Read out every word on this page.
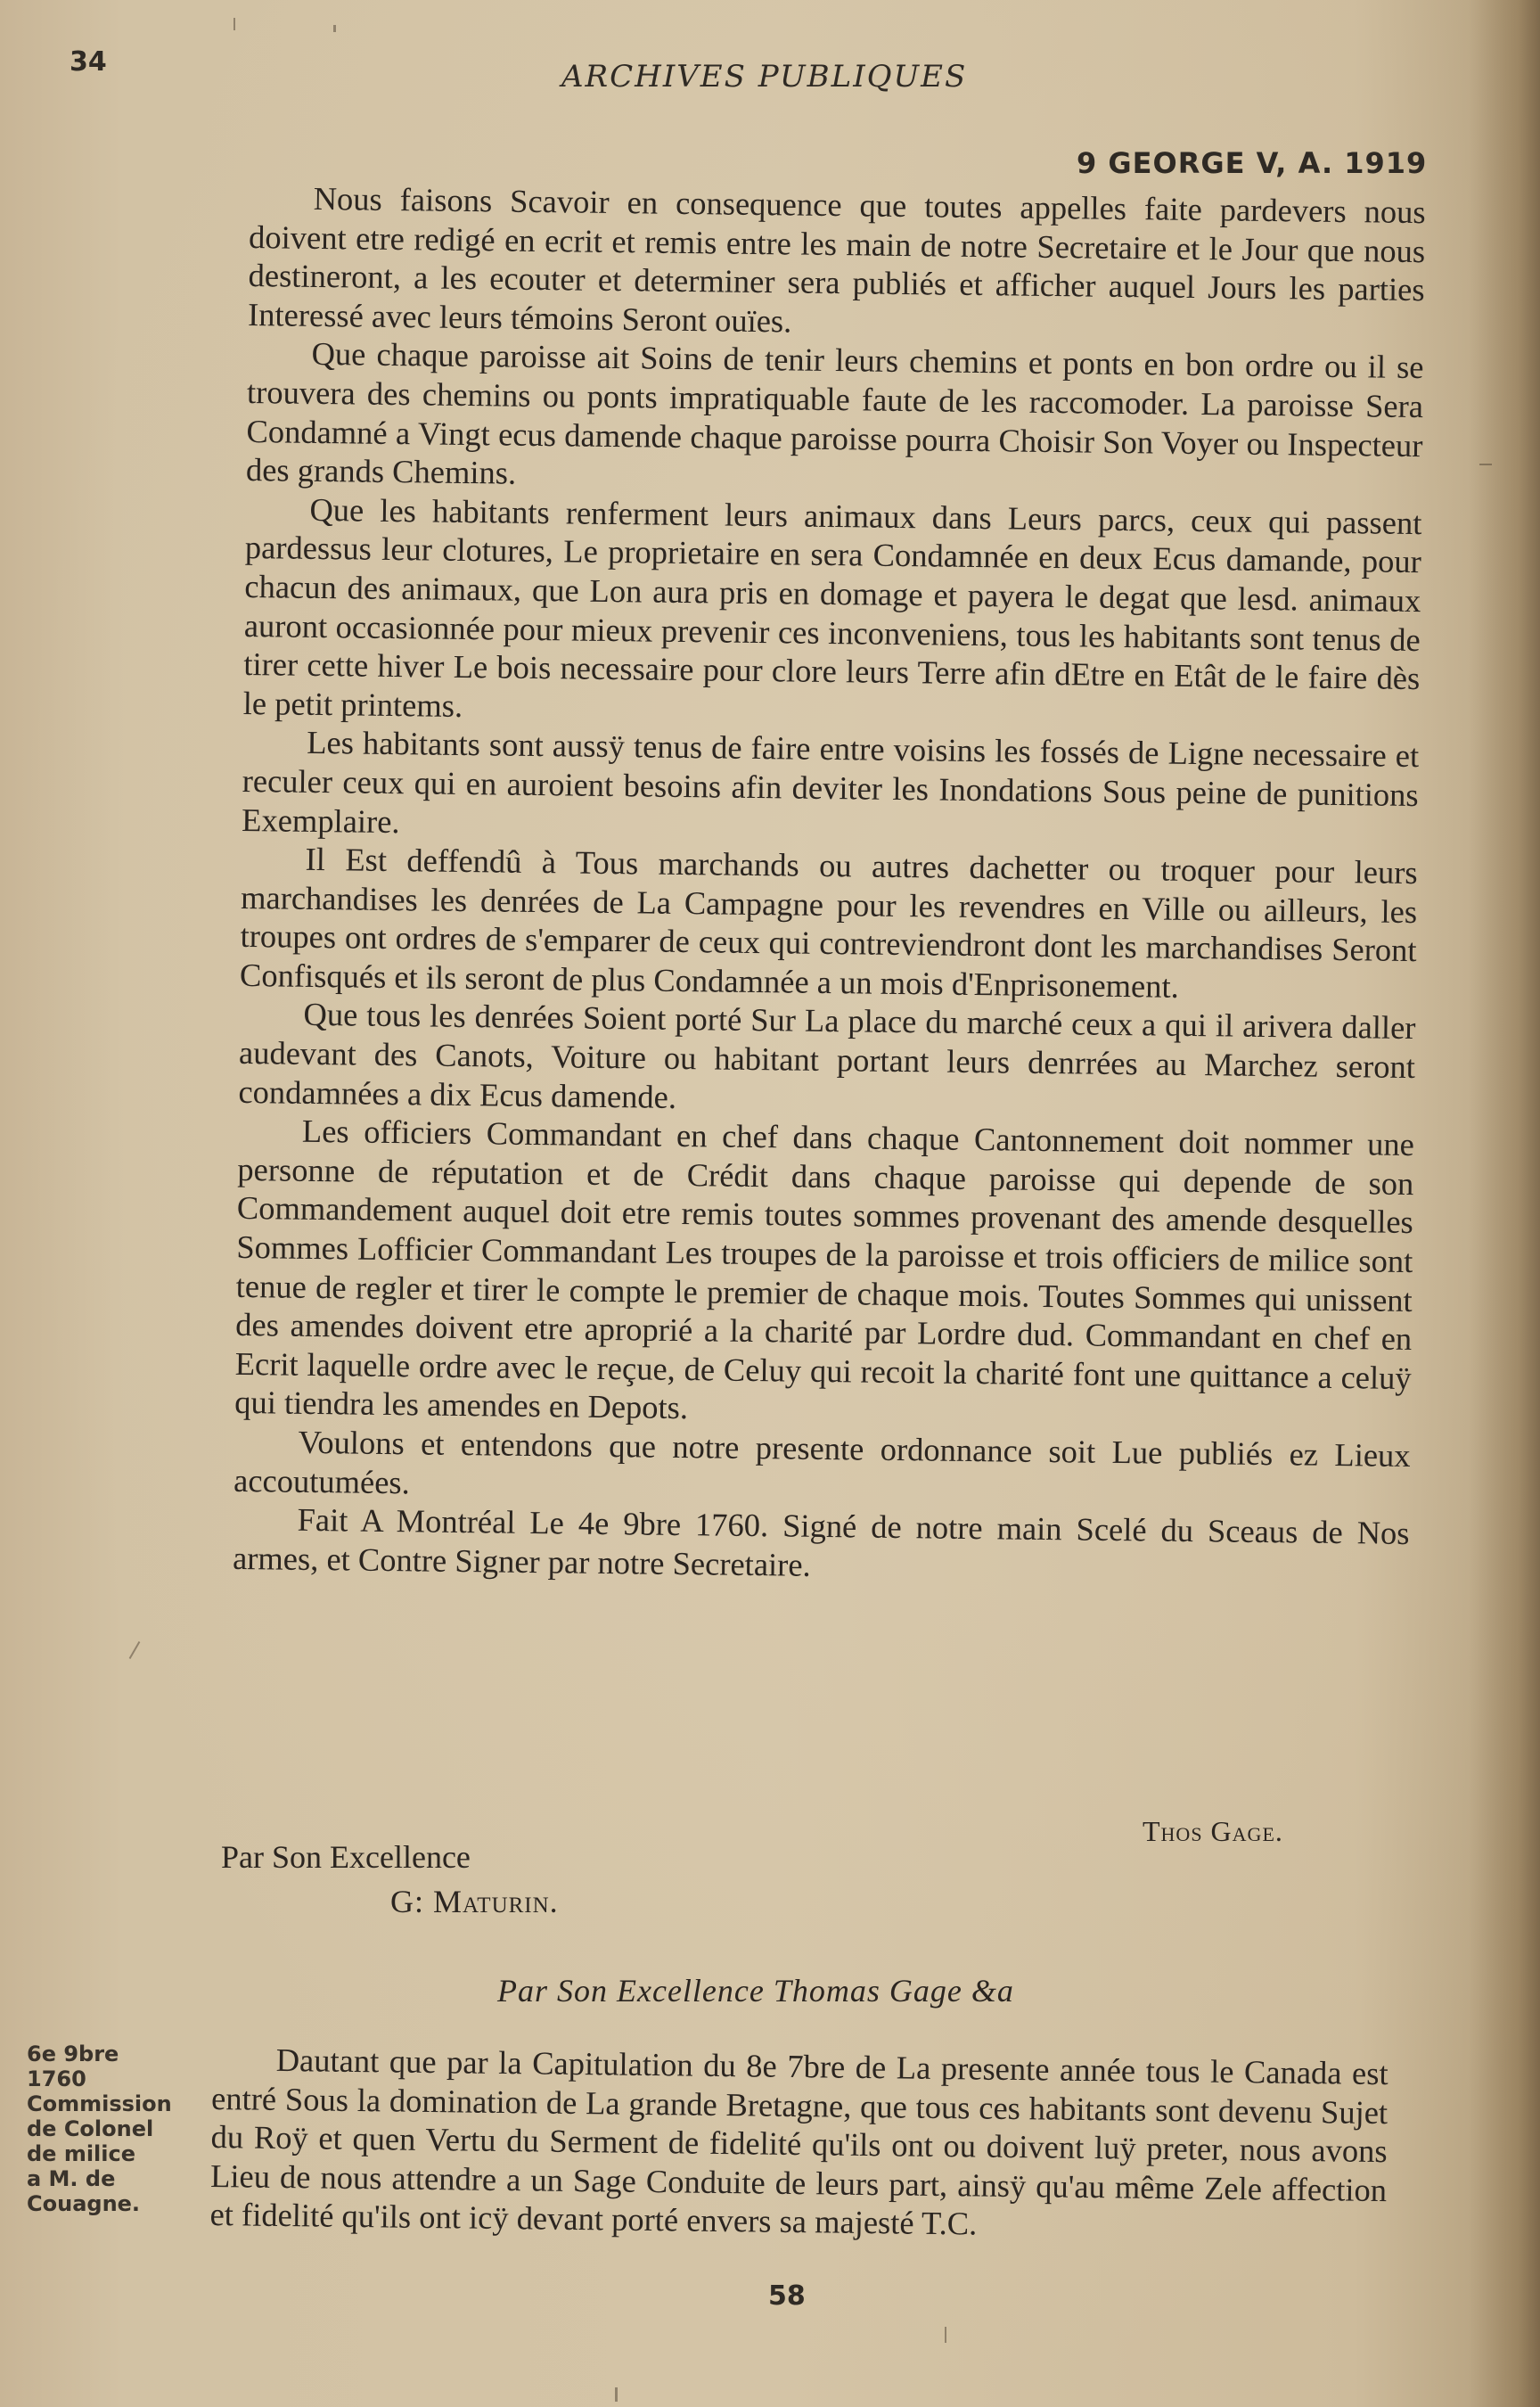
34	ARCHIVES PUBLIQUES
9 GEORGE V, A. 1919

Nous faisons Scavoir en consequence que toutes appelles faite pardevers nous doivent etre redigé en ecrit et remis entre les main de notre Secretaire et le Jour que nous destineront, a les ecouter et determiner sera publiés et afficher auquel Jours les parties Interessé avec leurs témoins Seront ouïes.

Que chaque paroisse ait Soins de tenir leurs chemins et ponts en bon ordre ou il se trouvera des chemins ou ponts impratiquable faute de les raccomoder. La paroisse Sera Condamné a Vingt ecus damende chaque paroisse pourra Choisir Son Voyer ou Inspecteur des grands Chemins.

Que les habitants renferment leurs animaux dans Leurs parcs, ceux qui passent pardessus leur clotures, Le proprietaire en sera Condamnée en deux Ecus damande, pour chacun des animaux, que Lon aura pris en domage et payera le degat que lesd. animaux auront occasionnée pour mieux prevenir ces inconveniens, tous les habitants sont tenus de tirer cette hiver Le bois necessaire pour clore leurs Terre afin dEtre en Etât de le faire dès le petit printems.

Les habitants sont aussÿ tenus de faire entre voisins les fossés de Ligne necessaire et reculer ceux qui en auroient besoins afin deviter les Inondations Sous peine de punitions Exemplaire.

Il Est deffendû à Tous marchands ou autres dachetter ou troquer pour leurs marchandises les denrées de La Campagne pour les revendres en Ville ou ailleurs, les troupes ont ordres de s'emparer de ceux qui contreviendront dont les marchandises Seront Confisqués et ils seront de plus Condamnée a un mois d'Enprisonement.

Que tous les denrées Soient porté Sur La place du marché ceux a qui il arivera daller audevant des Canots, Voiture ou habitant portant leurs denrrées au Marchez seront condamnées a dix Ecus damende.

Les officiers Commandant en chef dans chaque Cantonnement doit nommer une personne de réputation et de Crédit dans chaque paroisse qui depende de son Commandement auquel doit etre remis toutes sommes provenant des amende desquelles Sommes Lofficier Commandant Les troupes de la paroisse et trois officiers de milice sont tenue de regler et tirer le compte le premier de chaque mois. Toutes Sommes qui unissent des amendes doivent etre aproprié a la charité par Lordre dud. Commandant en chef en Ecrit laquelle ordre avec le reçue, de Celuy qui recoit la charité font une quittance a celuÿ qui tiendra les amendes en Depots.

Voulons et entendons que notre presente ordonnance soit Lue publiés ez Lieux accoutumées.

Fait A Montréal Le 4e 9bre 1760. Signé de notre main Scelé du Sceaus de Nos armes, et Contre Signer par notre Secretaire.

Thos Gage.
Par Son Excellence
G: Maturin.
Par Son Excellence Thomas Gage &a
6e 9bre
1760
Commission
de Colonel
de milice
a M. de
Couagne.

Dautant que par la Capitulation du 8e 7bre de La presente année tous le Canada est entré Sous la domination de La grande Bretagne, que tous ces habitants sont devenu Sujet du Roÿ et quen Vertu du Serment de fidelité qu'ils ont ou doivent luÿ preter, nous avons Lieu de nous attendre a un Sage Conduite de leurs part, ainsÿ qu'au même Zele affection et fidelité qu'ils ont icÿ devant porté envers sa majesté T.C.

58
